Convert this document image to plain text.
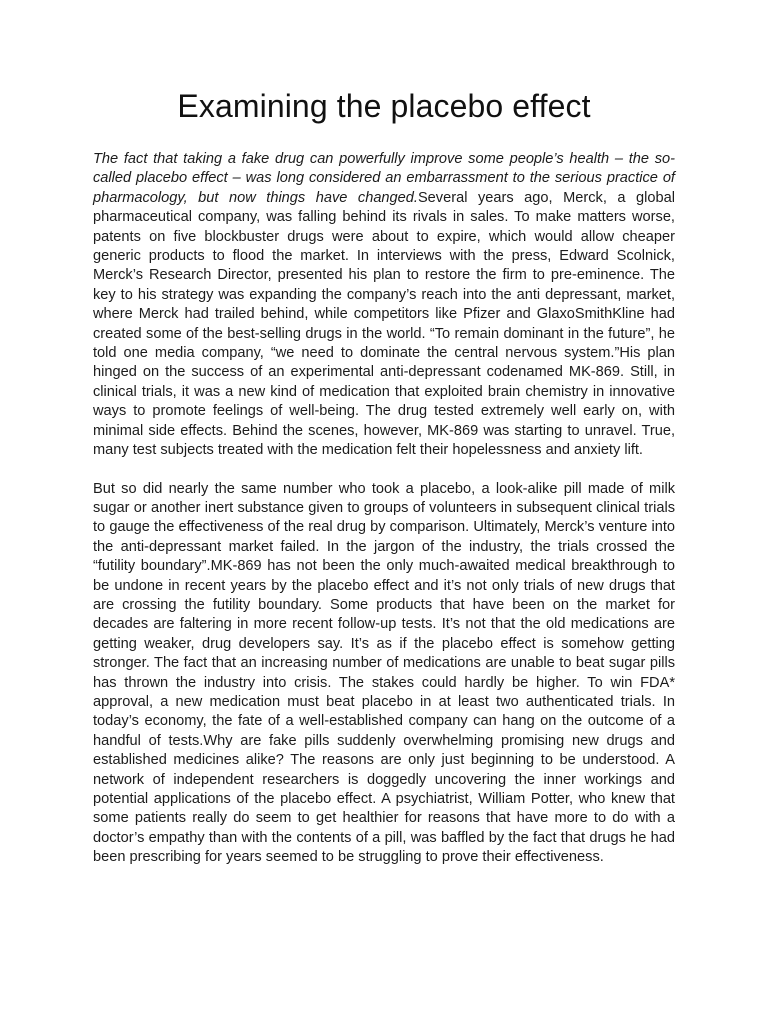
Examining the placebo effect

The fact that taking a fake drug can powerfully improve some people’s health – the so-called placebo effect – was long considered an embarrassment to the serious practice of pharmacology, but now things have changed.Several years ago, Merck, a global pharmaceutical company, was falling behind its rivals in sales. To make matters worse, patents on five blockbuster drugs were about to expire, which would allow cheaper generic products to flood the market. In interviews with the press, Edward Scolnick, Merck’s Research Director, presented his plan to restore the firm to pre-eminence. The key to his strategy was expanding the company’s reach into the anti depressant, market, where Merck had trailed behind, while competitors like Pfizer and GlaxoSmithKline had created some of the best-selling drugs in the world. “To remain dominant in the future”, he told one media company, “we need to dominate the central nervous system.”His plan hinged on the success of an experimental anti-depressant codenamed MK-869. Still, in clinical trials, it was a new kind of medication that exploited brain chemistry in innovative ways to promote feelings of well-being. The drug tested extremely well early on, with minimal side effects. Behind the scenes, however, MK-869 was starting to unravel. True, many test subjects treated with the medication felt their hopelessness and anxiety lift.

But so did nearly the same number who took a placebo, a look-alike pill made of milk sugar or another inert substance given to groups of volunteers in subsequent clinical trials to gauge the effectiveness of the real drug by comparison. Ultimately, Merck’s venture into the anti-depressant market failed. In the jargon of the industry, the trials crossed the “futility boundary”.MK-869 has not been the only much-awaited medical breakthrough to be undone in recent years by the placebo effect and it’s not only trials of new drugs that are crossing the futility boundary. Some products that have been on the market for decades are faltering in more recent follow-up tests. It’s not that the old medications are getting weaker, drug developers say. It’s as if the placebo effect is somehow getting stronger. The fact that an increasing number of medications are unable to beat sugar pills has thrown the industry into crisis. The stakes could hardly be higher. To win FDA* approval, a new medication must beat placebo in at least two authenticated trials. In today’s economy, the fate of a well-established company can hang on the outcome of a handful of tests.Why are fake pills suddenly overwhelming promising new drugs and established medicines alike? The reasons are only just beginning to be understood. A network of independent researchers is doggedly uncovering the inner workings and potential applications of the placebo effect. A psychiatrist, William Potter, who knew that some patients really do seem to get healthier for reasons that have more to do with a doctor’s empathy than with the contents of a pill, was baffled by the fact that drugs he had been prescribing for years seemed to be struggling to prove their effectiveness.
